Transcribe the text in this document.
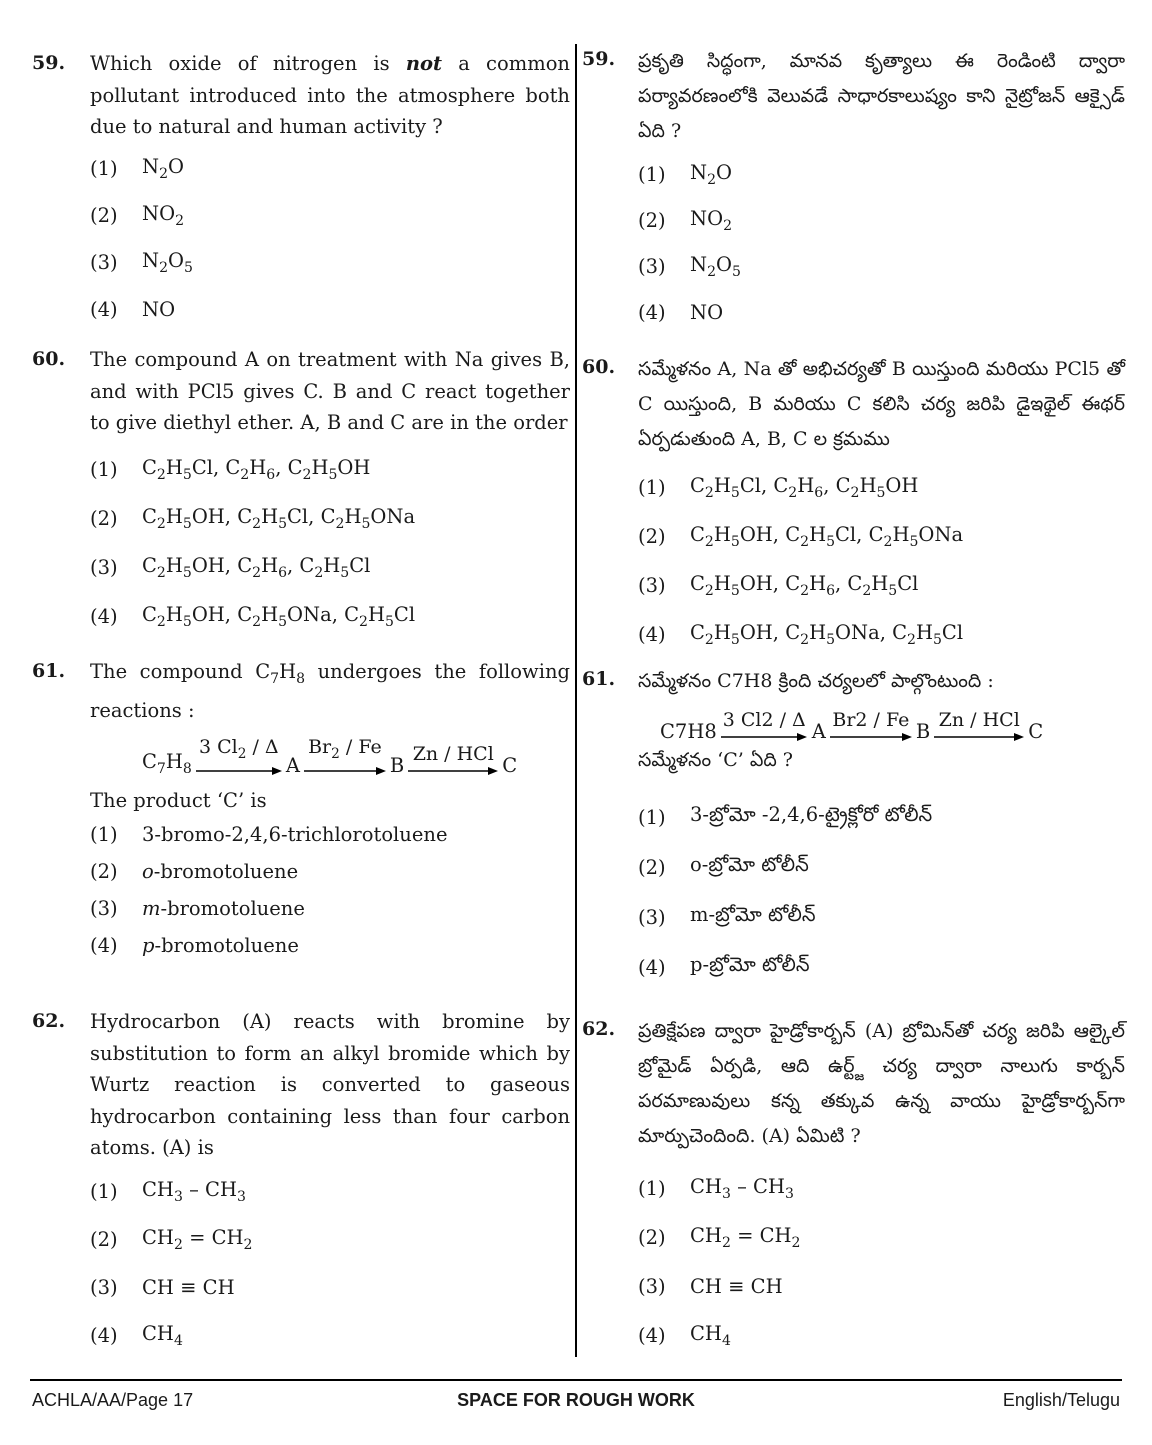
59. Which oxide of nitrogen is not a common pollutant introduced into the atmosphere both due to natural and human activity ?
(1)	$N_2O$
(2)	$NO_2$
(3)	$N_2O_5$
(4)	NO
60. The compound A on treatment with Na gives B, and with PCl5 gives C. B and C react together to give diethyl ether. A, B and C are in the order
(1)	$C_2H_5Cl$, $C_2H_6$, $C_2H_5OH$
(2)	$C_2H_5OH$, $C_2H_5Cl$, $C_2H_5ONa$
(3)	$C_2H_5OH$, $C_2H_6$, $C_2H_5Cl$
(4)	$C_2H_5OH$, $C_2H_5ONa$, $C_2H_5Cl$
61. The compound $C_7H_8$ undergoes the following reactions :
$C_7H_8$
3 $Cl_2$ / Δ
A
$Br_2$ / Fe
B Zn / HCl C
The product ‘C’ is
(1)	3-bromo-2,4,6-trichlorotoluene
(2)	o-bromotoluene
(3)	m-bromotoluene
(4)	p-bromotoluene
62. Hydrocarbon (A) reacts with bromine by substitution to form an alkyl bromide which by Wurtz reaction is converted to gaseous hydrocarbon containing less than four carbon atoms. (A) is
(1)	$CH_3 - CH_3$
(2)	$CH_2 = CH_2$
(3)	CH ≡ CH
(4)	$CH_4$
59. ప్రకృతి సిద్ధంగా, మానవ కృత్యాలు ఈ రెండింటి ద్వారా పర్యావరణంలోకి వెలువడే సాధారకాలుష్యం కాని నైట్రోజన్ ఆక్సైడ్ ఏది ?
(1)	$N_2O$
(2)	$NO_2$
(3)	$N_2O_5$
(4)	NO
60. సమ్మేళనం A, Na తో అభిచర్యతో B యిస్తుంది మరియు PCl5 తో C యిస్తుంది, B మరియు C కలిసి చర్య జరిపి డైఇథైల్ ఈథర్ ఏర్పడుతుంది A, B, C ల క్రమము
(1)	$C_2H_5Cl$, $C_2H_6$, $C_2H_5OH$
(2)	$C_2H_5OH$, $C_2H_5Cl$, $C_2H_5ONa$
(3)	$C_2H_5OH$, $C_2H_6$, $C_2H_5Cl$
(4)	$C_2H_5OH$, $C_2H_5ONa$, $C_2H_5Cl$
61. సమ్మేళనం C7H8 క్రింది చర్యలలో పాల్గొంటుంది :
C7H8 3 Cl2 / Δ A Br2 / Fe B Zn / HCl C
సమ్మేళనం ‘C’ ఏది ?
(1)	3-బ్రోమో -2,4,6-ట్రైక్లోరో టోలీన్
(2)	o-బ్రోమో టోలీన్
(3)	m-బ్రోమో టోలీన్
(4)	p-బ్రోమో టోలీన్
62. ప్రతిక్షేపణ ద్వారా హైడ్రోకార్బన్ (A) బ్రోమిన్‌తో చర్య జరిపి ఆల్కైల్ బ్రోమైడ్ ఏర్పడి, ఆది ఉర్ట్జ్ చర్య ద్వారా నాలుగు కార్బన్ పరమాణువులు కన్న తక్కువ ఉన్న వాయు హైడ్రోకార్బన్‌గా మార్పుచెందింది. (A) ఏమిటి ?
(1)	$CH_3 - CH_3$
(2)	$CH_2 = CH_2$
(3)	CH ≡ CH
(4)	$CH_4$
ACHLA/AA/Page 17	SPACE FOR ROUGH WORK	English/Telugu
